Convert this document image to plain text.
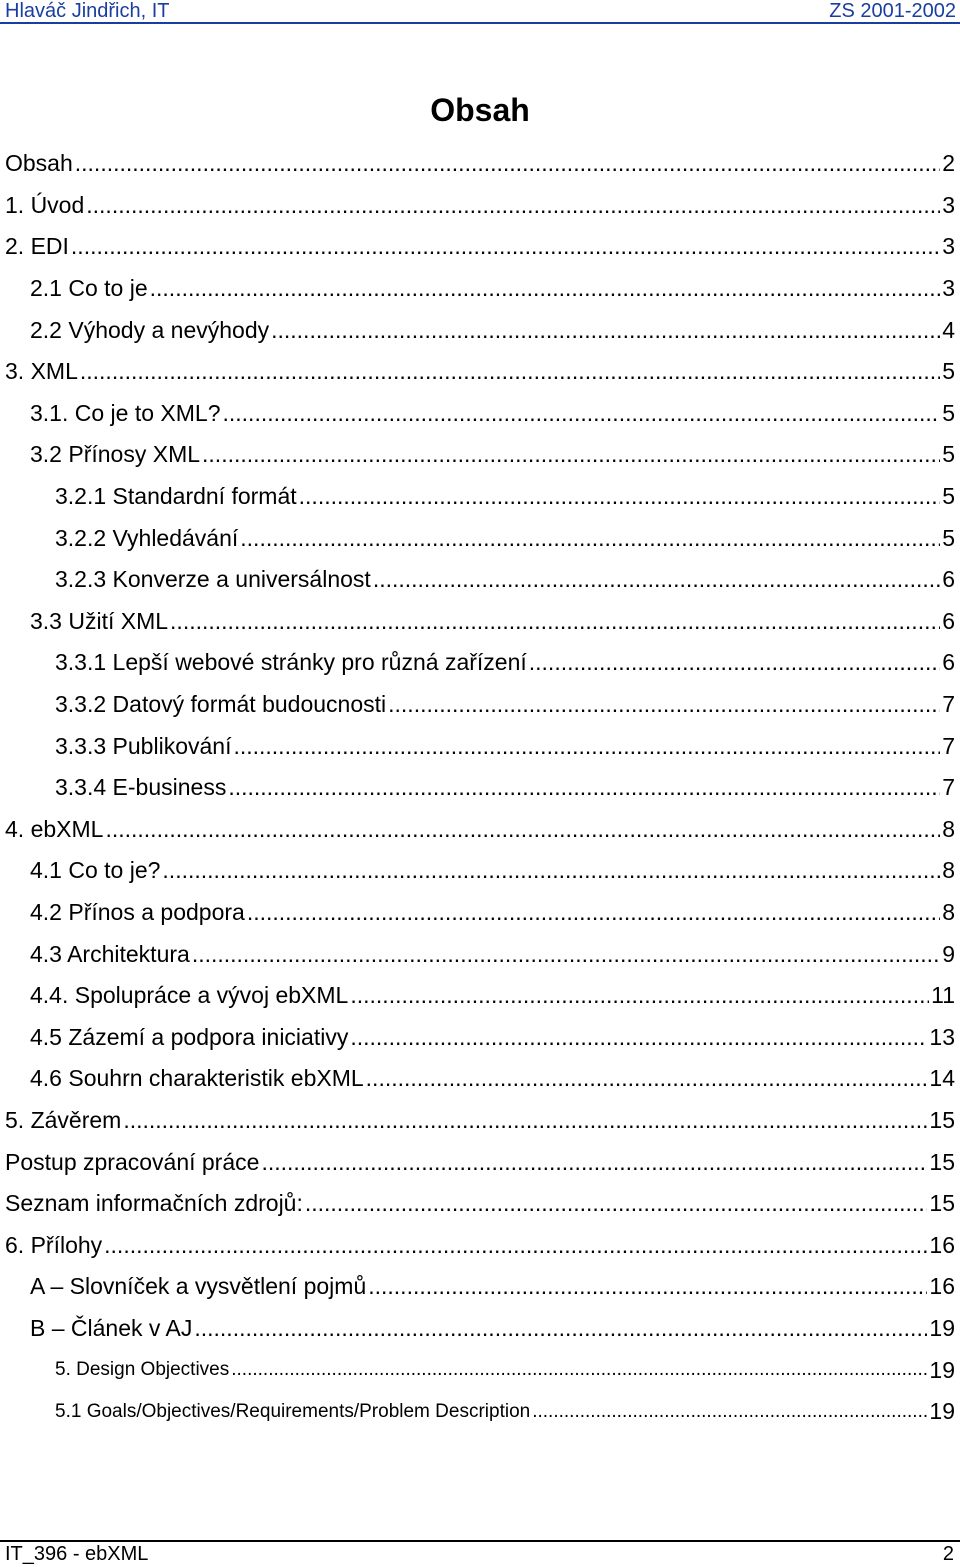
Hlaváč Jindřich, IT	ZS 2001-2002
Obsah
Obsah .....	2
1. Úvod .....	3
2. EDI .....	3
2.1 Co to je .....	3
2.2 Výhody a nevýhody .....	4
3. XML .....	5
3.1. Co je to XML? .....	5
3.2 Přínosy XML .....	5
3.2.1 Standardní formát .....	5
3.2.2 Vyhledávání .....	5
3.2.3 Konverze a universálnost .....	6
3.3 Užití XML .....	6
3.3.1 Lepší webové stránky pro různá zařízení .....	6
3.3.2 Datový formát budoucnosti .....	7
3.3.3 Publikování .....	7
3.3.4 E-business .....	7
4. ebXML .....	8
4.1 Co to je? .....	8
4.2 Přínos a podpora .....	8
4.3 Architektura .....	9
4.4. Spolupráce a vývoj ebXML .....	11
4.5 Zázemí a podpora iniciativy .....	13
4.6 Souhrn charakteristik ebXML .....	14
5. Závěrem .....	15
Postup zpracování práce .....	15
Seznam informačních zdrojů: .....	15
6. Přílohy .....	16
A – Slovníček a vysvětlení pojmů .....	16
B – Článek v AJ .....	19
5. Design Objectives .....	19
5.1 Goals/Objectives/Requirements/Problem Description .....	19
IT_396 - ebXML	2
